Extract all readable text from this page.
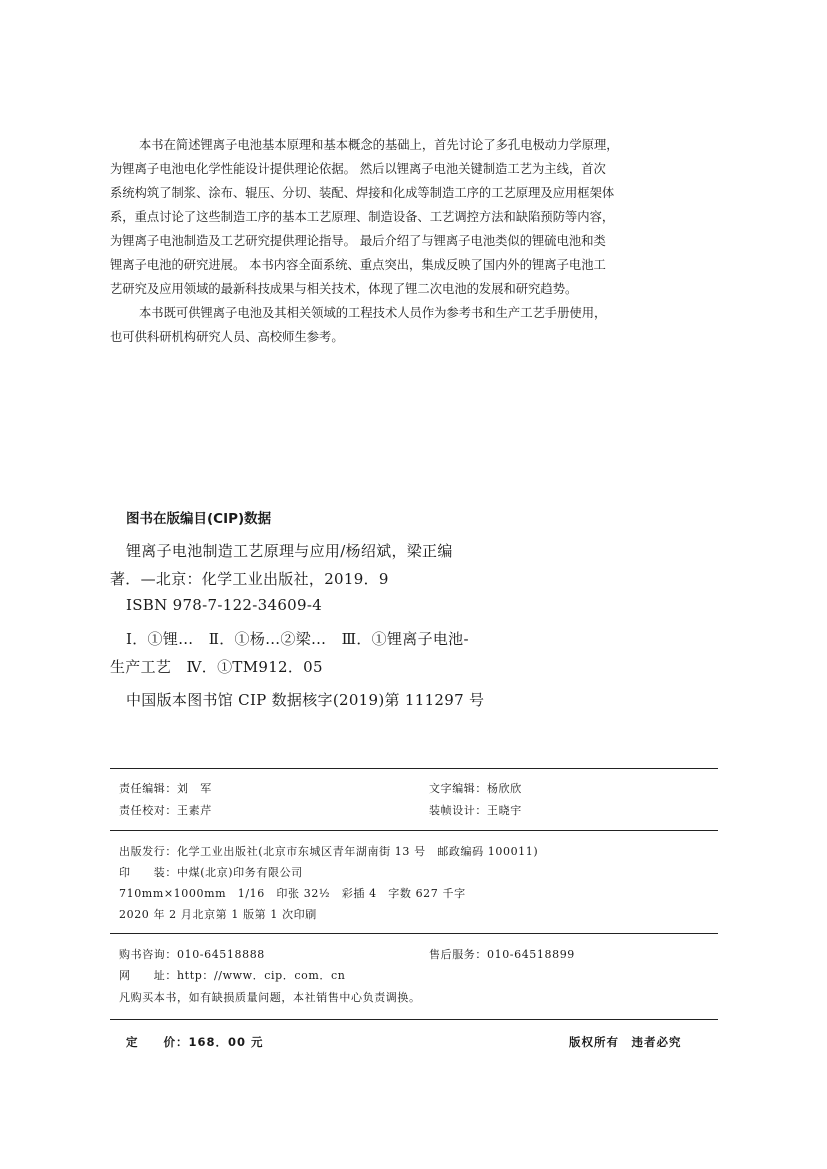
本书在简述锂离子电池基本原理和基本概念的基础上，首先讨论了多孔电极动力学原理，
为锂离子电池电化学性能设计提供理论依据。 然后以锂离子电池关键制造工艺为主线，首次
系统构筑了制浆、涂布、辊压、分切、装配、焊接和化成等制造工序的工艺原理及应用框架体
系，重点讨论了这些制造工序的基本工艺原理、制造设备、工艺调控方法和缺陷预防等内容，
为锂离子电池制造及工艺研究提供理论指导。 最后介绍了与锂离子电池类似的锂硫电池和类
锂离子电池的研究进展。 本书内容全面系统、重点突出，集成反映了国内外的锂离子电池工
艺研究及应用领域的最新科技成果与相关技术，体现了锂二次电池的发展和研究趋势。
本书既可供锂离子电池及其相关领域的工程技术人员作为参考书和生产工艺手册使用，
也可供科研机构研究人员、高校师生参考。
图书在版编目(CIP)数据
锂离子电池制造工艺原理与应用/杨绍斌，梁正编
著．—北京：化学工业出版社，2019．9
ISBN 978-7-122-34609-4
Ⅰ．①锂…　Ⅱ．①杨…②梁…　Ⅲ．①锂离子电池-
生产工艺　Ⅳ．①TM912．05
中国版本图书馆 CIP 数据核字(2019)第 111297 号
责任编辑：刘　军	文字编辑：杨欣欣
责任校对：王素芹	装帧设计：王晓宇
出版发行：化学工业出版社(北京市东城区青年湖南街 13 号　邮政编码 100011)
印　　装：中煤(北京)印务有限公司
710mm×1000mm　1/16　印张 32½　彩插 4　字数 627 千字
2020 年 2 月北京第 1 版第 1 次印刷
购书咨询：010-64518888	售后服务：010-64518899
网　　址：http：//www．cip．com．cn
凡购买本书，如有缺损质量问题，本社销售中心负责调换。
定　　价：168．00 元	版权所有　违者必究
